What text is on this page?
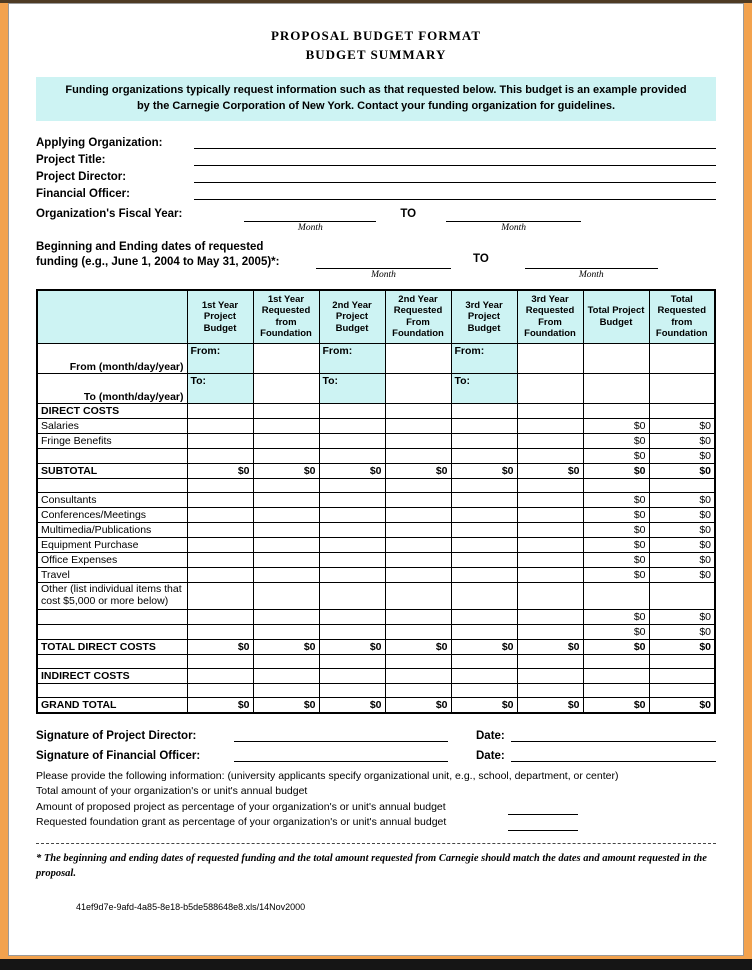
PROPOSAL BUDGET FORMAT
BUDGET SUMMARY
Funding organizations typically request information such as that requested below. This budget is an example provided by the Carnegie Corporation of New York. Contact your funding organization for guidelines.
Applying Organization:
Project Title:
Project Director:
Financial Officer:
Organization's Fiscal Year:
Month
TO
Month
Beginning and Ending dates of requested
funding (e.g., June 1, 2004 to May 31, 2005)*:
Month
TO
Month
	1st Year Project Budget	1st Year Requested from Foundation	2nd Year Project Budget	2nd Year Requested From Foundation	3rd Year Project Budget	3rd Year Requested From Foundation	Total Project Budget	Total Requested from Foundation
From (month/day/year)	From:		From:		From:			
To (month/day/year)	To:		To:		To:			
DIRECT COSTS								
Salaries							$0	$0
Fringe Benefits							$0	$0
							$0	$0
SUBTOTAL	$0	$0	$0	$0	$0	$0	$0	$0

Consultants							$0	$0
Conferences/Meetings							$0	$0
Multimedia/Publications							$0	$0
Equipment Purchase							$0	$0
Office Expenses							$0	$0
Travel							$0	$0
Other (list individual items that cost $5,000 or more below)								
							$0	$0
							$0	$0
TOTAL DIRECT COSTS	$0	$0	$0	$0	$0	$0	$0	$0

INDIRECT COSTS								

GRAND TOTAL	$0	$0	$0	$0	$0	$0	$0	$0
Signature of Project Director:	Date:
Signature of Financial Officer:	Date:
Please provide the following information: (university applicants specify organizational unit, e.g., school, department, or center)
Total amount of your organization's or unit's annual budget
Amount of proposed project as percentage of your organization's or unit's annual budget
Requested foundation grant as percentage of your organization's or unit's annual budget
* The beginning and ending dates of requested funding and the total amount requested from Carnegie should match the dates and amount requested in the proposal.
41ef9d7e-9afd-4a85-8e18-b5de588648e8.xls/14Nov2000
